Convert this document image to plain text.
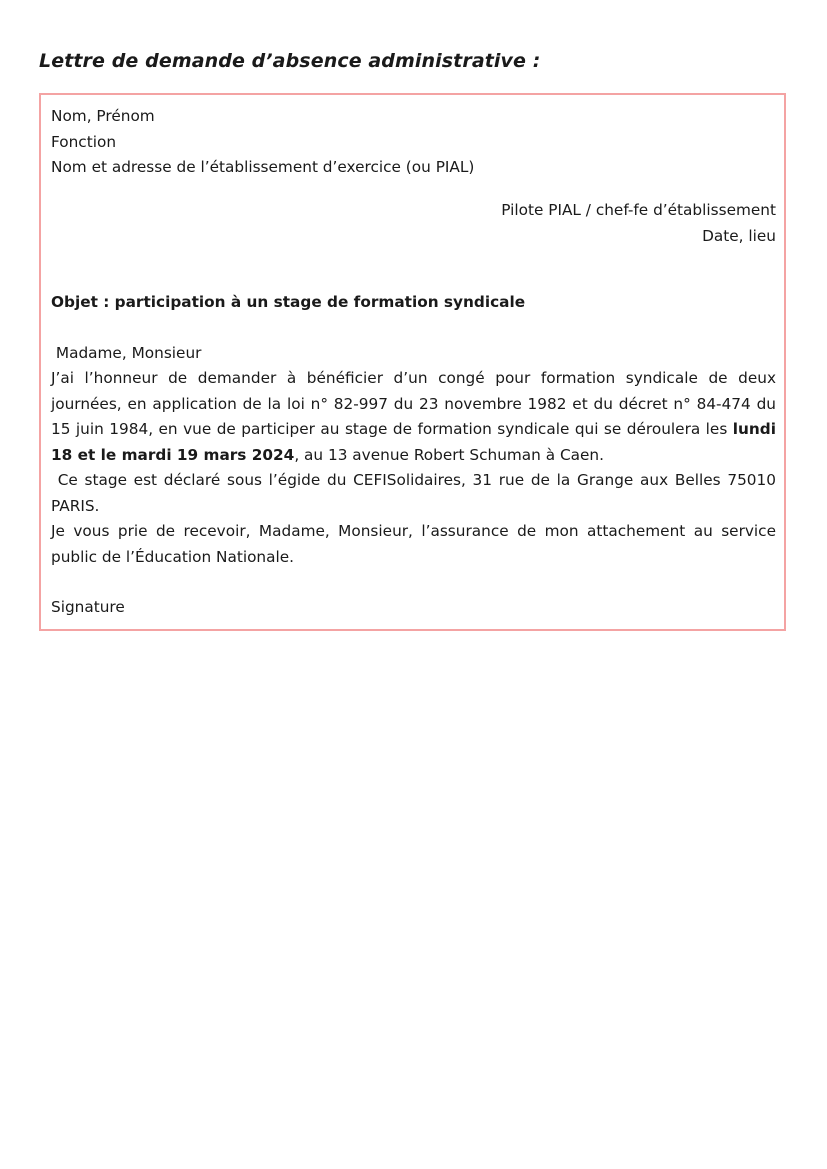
Lettre de demande d’absence administrative :
Nom, Prénom
Fonction
Nom et adresse de l’établissement d’exercice (ou PIAL)
Pilote PIAL / chef-fe d’établissement
Date, lieu
Objet : participation à un stage de formation syndicale
Madame, Monsieur

J’ai l’honneur de demander à bénéficier d’un congé pour formation syndicale de deux journées, en application de la loi n° 82-997 du 23 novembre 1982 et du décret n° 84-474 du 15 juin 1984, en vue de participer au stage de formation syndicale qui se déroulera les lundi 18 et le mardi 19 mars 2024, au 13 avenue Robert Schuman à Caen.

Ce stage est déclaré sous l’égide du CEFISolidaires, 31 rue de la Grange aux Belles 75010 PARIS.

Je vous prie de recevoir, Madame, Monsieur, l’assurance de mon attachement au service public de l’Éducation Nationale.

Signature
